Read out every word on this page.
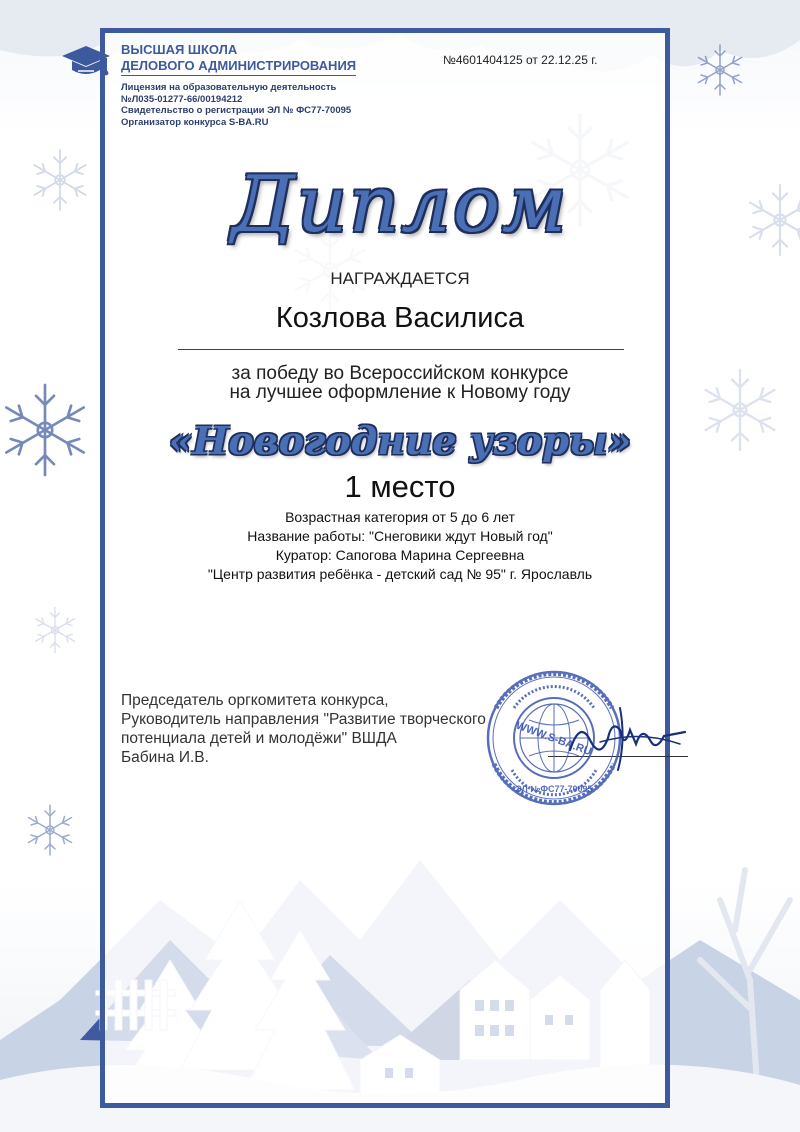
ВЫСШАЯ ШКОЛА
ДЕЛОВОГО АДМИНИСТРИРОВАНИЯ
Лицензия на образовательную деятельность
№Л035-01277-66/00194212
Свидетельство о регистрации ЭЛ № ФС77-70095
Организатор конкурса S-BA.RU
№4601404125 от 22.12.25 г.
Диплом
НАГРАЖДАЕТСЯ
Козлова Василиса
за победу во Всероссийском конкурсе
на лучшее оформление к Новому году
«Новогодние узоры»
1 место
Возрастная категория от 5 до 6 лет
Название работы: "Снеговики ждут Новый год"
Куратор: Сапогова Марина Сергеевна
"Центр развития ребёнка - детский сад № 95" г. Ярославль
Председатель оргкомитета конкурса,
Руководитель направления "Развитие творческого
потенциала детей и молодёжи" ВШДА
Бабина И.В.	WWW.S-BA.RU
ЭЛ №ФС77-70095
